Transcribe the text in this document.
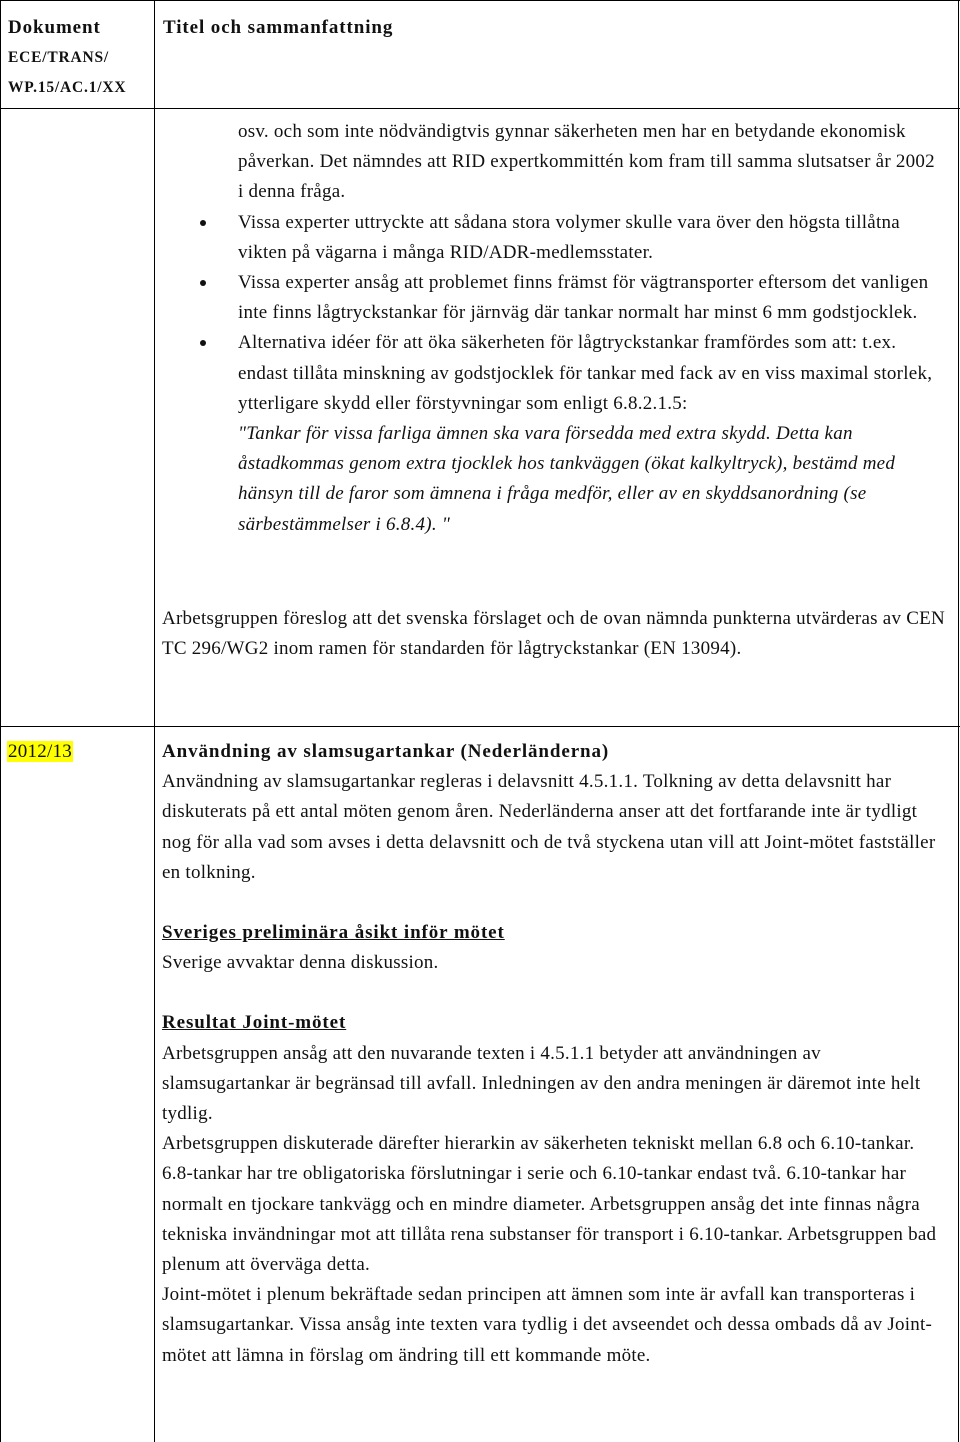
Dokument
ECE/TRANS/
WP.15/AC.1/XX
Titel och sammanfattning
osv. och som inte nödvändigtvis gynnar säkerheten men har en betydande ekonomisk påverkan. Det nämndes att RID expertkommittén kom fram till samma slutsatser år 2002 i denna fråga.
Vissa experter uttryckte att sådana stora volymer skulle vara över den högsta tillåtna vikten på vägarna i många RID/ADR-medlemsstater.
Vissa experter ansåg att problemet finns främst för vägtransporter eftersom det vanligen inte finns lågtryckstankar för järnväg där tankar normalt har minst 6 mm godstjocklek.
Alternativa idéer för att öka säkerheten för lågtryckstankar framfördes som att: t.ex. endast tillåta minskning av godstjocklek för tankar med fack av en viss maximal storlek, ytterligare skydd eller förstyvningar som enligt 6.8.2.1.5:
"Tankar för vissa farliga ämnen ska vara försedda med extra skydd. Detta kan åstadkommas genom extra tjocklek hos tankväggen (ökat kalkyltryck), bestämd med hänsyn till de faror som ämnena i fråga medför, eller av en skyddsanordning (se särbestämmelser i 6.8.4). "

Arbetsgruppen föreslog att det svenska förslaget och de ovan nämnda punkterna utvärderas av CEN TC 296/WG2 inom ramen för standarden för lågtryckstankar (EN 13094).

2012/13	Användning av slamsugartankar (Nederländerna)

Användning av slamsugartankar regleras i delavsnitt 4.5.1.1. Tolkning av detta delavsnitt har diskuterats på ett antal möten genom åren. Nederländerna anser att det fortfarande inte är tydligt nog för alla vad som avses i detta delavsnitt och de två styckena utan vill att Joint-mötet fastställer en tolkning.

Sveriges preliminära åsikt inför mötet

Sverige avvaktar denna diskussion.

Resultat Joint-mötet

Arbetsgruppen ansåg att den nuvarande texten i 4.5.1.1 betyder att användningen av slamsugartankar är begränsad till avfall. Inledningen av den andra meningen är däremot inte helt tydlig.

Arbetsgruppen diskuterade därefter hierarkin av säkerheten tekniskt mellan 6.8 och 6.10-tankar. 6.8-tankar har tre obligatoriska förslutningar i serie och 6.10-tankar endast två. 6.10-tankar har normalt en tjockare tankvägg och en mindre diameter. Arbetsgruppen ansåg det inte finnas några tekniska invändningar mot att tillåta rena substanser för transport i 6.10-tankar. Arbetsgruppen bad plenum att överväga detta.

Joint-mötet i plenum bekräftade sedan principen att ämnen som inte är avfall kan transporteras i slamsugartankar. Vissa ansåg inte texten vara tydlig i det avseendet och dessa ombads då av Joint-mötet att lämna in förslag om ändring till ett kommande möte.
